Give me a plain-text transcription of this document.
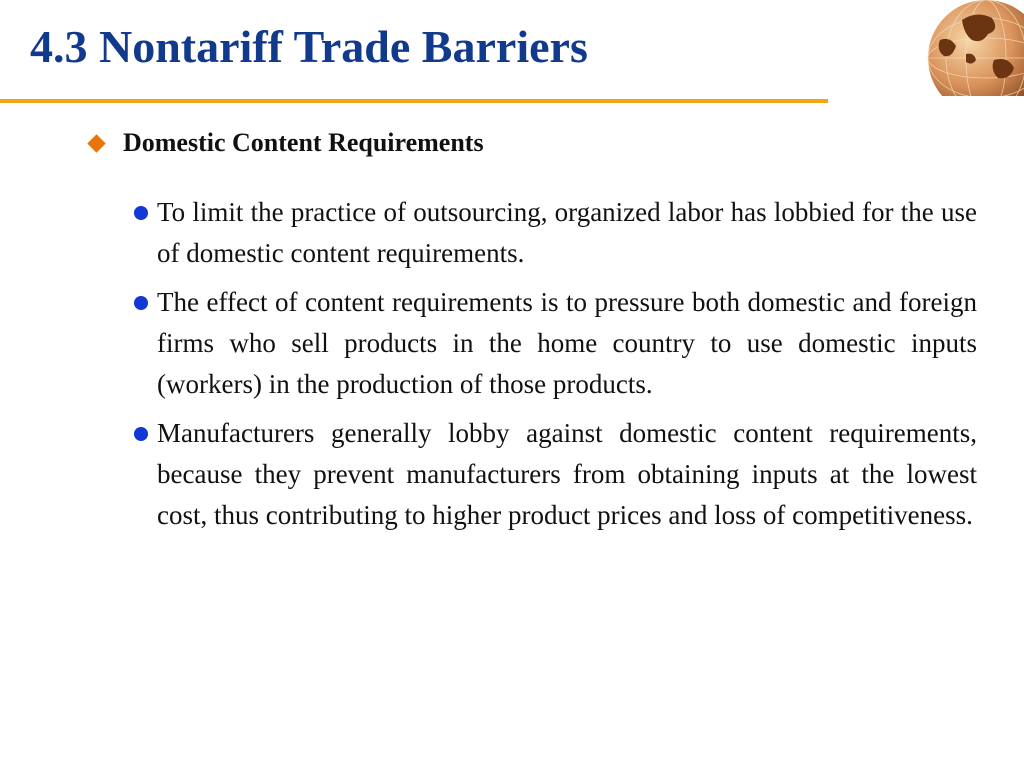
4.3 Nontariff Trade Barriers
Domestic Content Requirements
To limit the practice of outsourcing, organized labor has lobbied for the use of domestic content requirements.
The effect of content requirements is to pressure both domestic and foreign firms who sell products in the home country to use domestic inputs (workers) in the production of those products.
Manufacturers generally lobby against domestic content requirements, because they prevent manufacturers from obtaining inputs at the lowest cost, thus contributing to higher product prices and loss of competitiveness.
